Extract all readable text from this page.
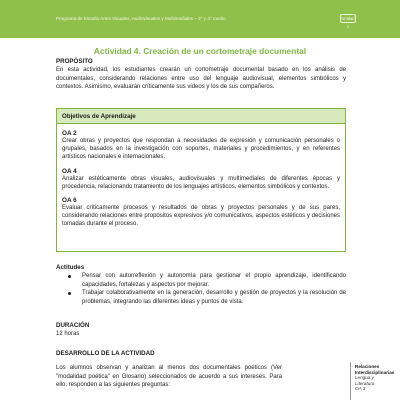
Programa de Estudio Artes Visuales, Audiovisuales y Multimediales – 3° y 4° medio	Unidad 1
Actividad 4. Creación de un cortometraje documental
PROPÓSITO
En esta actividad, los estudiantes crearán un cortometraje documental basado en los análisis de documentales, considerando relaciones entre uso del lenguaje audiovisual, elementos simbólicos y contextos. Asimismo, evaluarán críticamente sus videos y los de sus compañeros.
Objetivos de Aprendizaje
OA 2
Crear obras y proyectos que respondan a necesidades de expresión y comunicación personales o grupales, basados en la investigación con soportes, materiales y procedimientos, y en referentes artísticos nacionales e internacionales.
OA 4
Analizar estéticamente obras visuales, audiovisuales y multimediales de diferentes épocas y procedencia, relacionando tratamiento de los lenguajes artísticos, elementos simbólicos y contextos.
OA 6
Evaluar críticamente procesos y resultados de obras y proyectos personales y de sus pares, considerando relaciones entre propósitos expresivos y/o comunicativos, aspectos estéticos y decisiones tomadas durante el proceso.
Actitudes
Pensar con autorreflexión y autonomía para gestionar el propio aprendizaje, identificando capacidades, fortalezas y aspectos por mejorar.
Trabajar colaborativamente en la generación, desarrollo y gestión de proyectos y la resolución de problemas, integrando las diferentes ideas y puntos de vista.
DURACIÓN
12 horas
DESARROLLO DE LA ACTIVIDAD
Los alumnos observan y analizan al menos dos documentales poéticos (Ver "modalidad poética" en Glosario) seleccionados de acuerdo a sus intereses. Para ello, responden a las siguientes preguntas:
Relaciones Interdisciplinarias
Lengua y Literatura
OA 3
